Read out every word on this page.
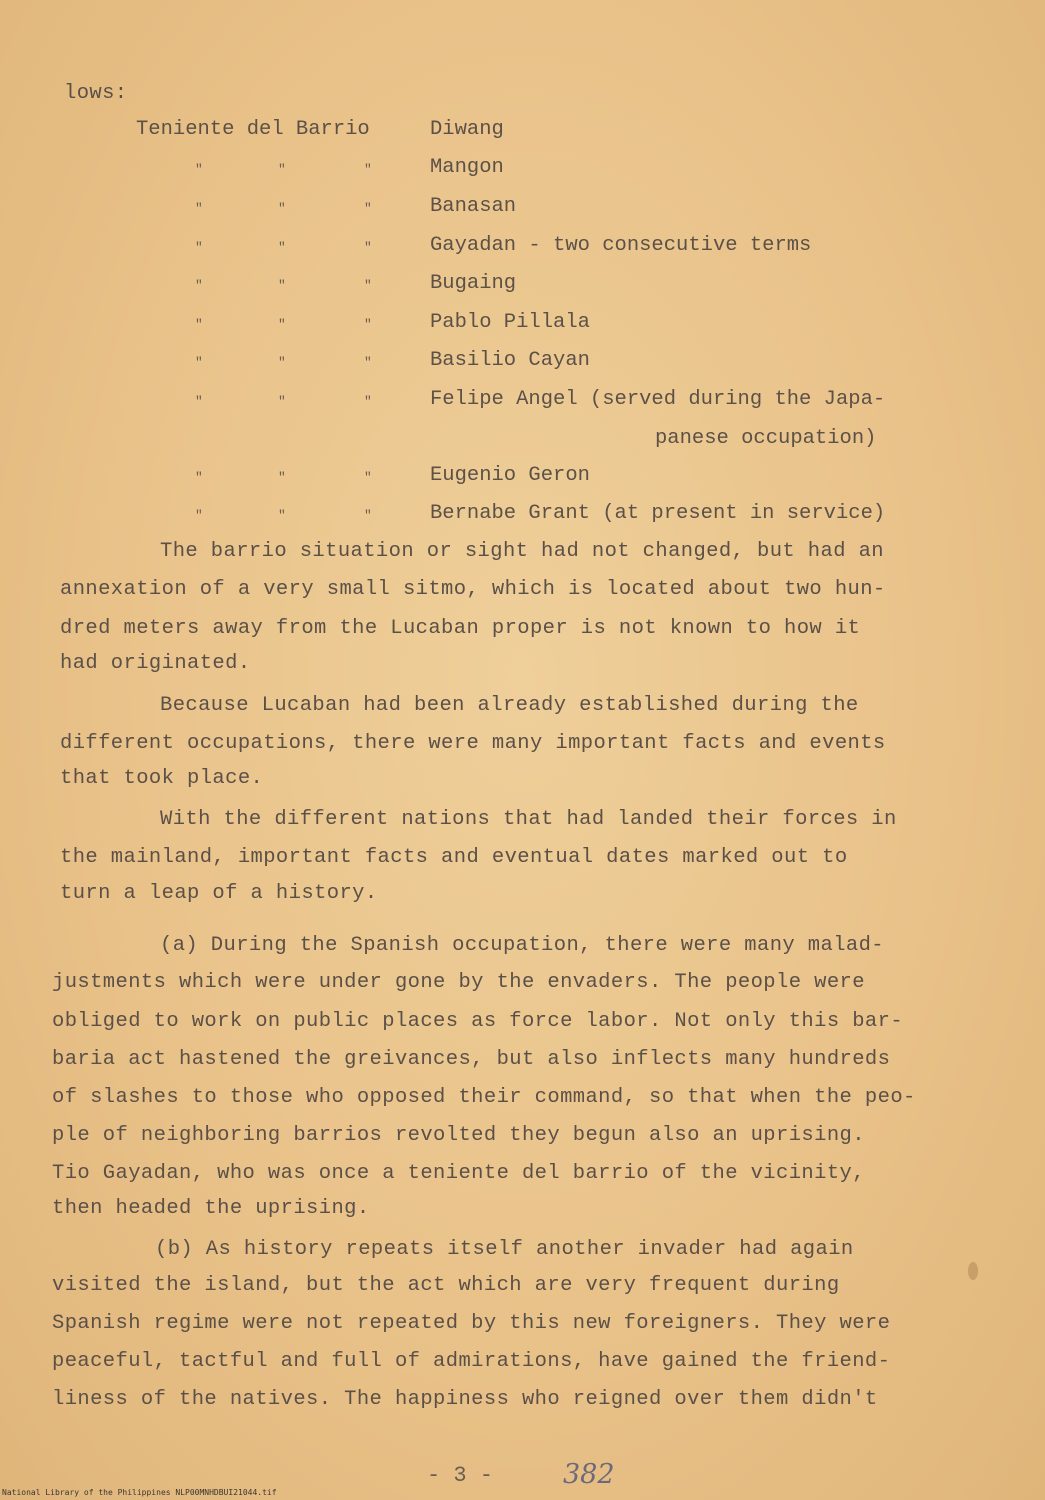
lows:
Teniente del Barrio	Diwang
"	"	"	Mangon
"	"	"	Banasan
"	"	"	Gayadan - two consecutive terms
"	"	"	Bugaing
"	"	"	Pablo Pillala
"	"	"	Basilio Cayan
"	"	"	Felipe Angel (served during the Japa-
panese occupation)
"	"	"	Eugenio Geron
"	"	"	Bernabe Grant (at present in service)
The barrio situation or sight had not changed, but had an
annexation of a very small sitmo, which is located about two hun-
dred meters away from the Lucaban proper is not known to how it
had originated.
Because Lucaban had been already established during the
different occupations, there were many important facts and events
that took place.
With the different nations that had landed their forces in
the mainland, important facts and eventual dates marked out to
turn a leap of a history.
(a) During the Spanish occupation, there were many malad-
justments which were under gone by the envaders. The people were
obliged to work on public places as force labor. Not only this bar-
baria act hastened the greivances, but also inflects many hundreds
of slashes to those who opposed their command, so that when the peo-
ple of neighboring barrios revolted they begun also an uprising.
Tio Gayadan, who was once a teniente del barrio of the vicinity,
then headed the uprising.
(b) As history repeats itself another invader had again
visited the island, but the act which are very frequent during
Spanish regime were not repeated by this new foreigners. They were
peaceful, tactful and full of admirations, have gained the friend-
liness of the natives. The happiness who reigned over them didn't
- 3 -	382
National Library of the Philippines NLP00MNHDBUI21044.tif
